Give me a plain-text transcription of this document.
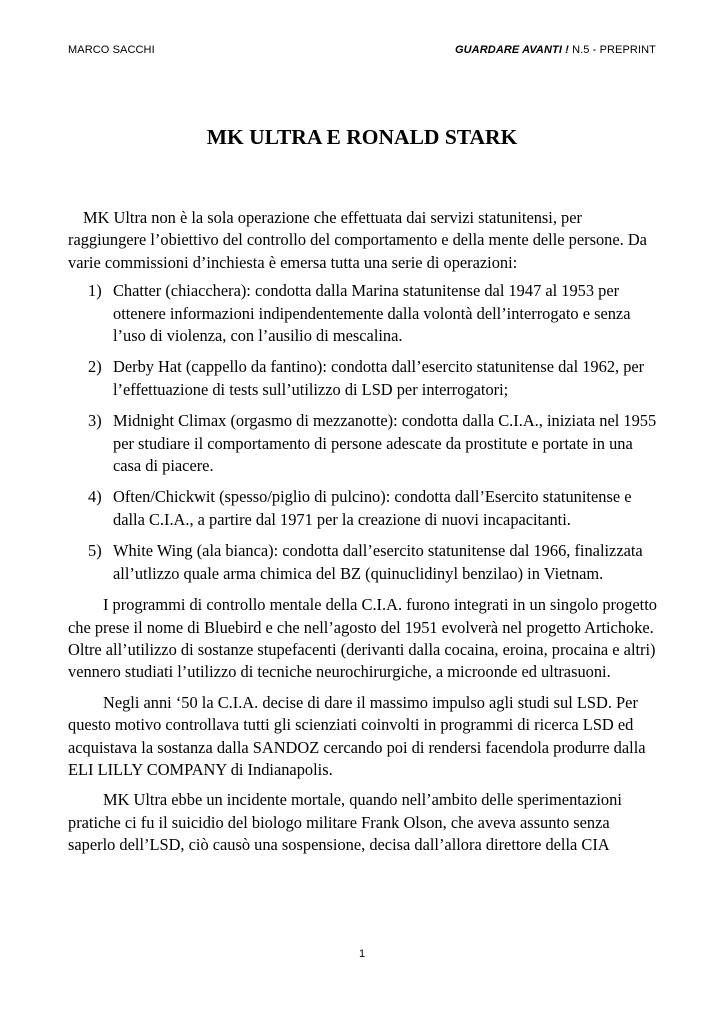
MARCO SACCHI	GUARDARE AVANTI ! N.5 - PREPRINT
MK ULTRA E RONALD STARK

MK Ultra non è la sola operazione che effettuata dai servizi statunitensi, per raggiungere l’obiettivo del controllo del comportamento e della mente delle persone. Da varie commissioni d’inchiesta è emersa tutta una serie di operazioni:

1) Chatter (chiacchera): condotta dalla Marina statunitense dal 1947 al 1953 per ottenere informazioni indipendentemente dalla volontà dell’interrogato e senza l’uso di violenza, con l’ausilio di mescalina.
2) Derby Hat (cappello da fantino): condotta dall’esercito statunitense dal 1962, per l’effettuazione di tests sull’utilizzo di LSD per interrogatori;
3) Midnight Climax (orgasmo di mezzanotte): condotta dalla C.I.A., iniziata nel 1955 per studiare il comportamento di persone adescate da prostitute e portate in una casa di piacere.
4) Often/Chickwit (spesso/piglio di pulcino): condotta dall’Esercito statunitense e dalla C.I.A., a partire dal 1971 per la creazione di nuovi incapacitanti.
5) White Wing (ala bianca): condotta dall’esercito statunitense dal 1966, finalizzata all’utlizzo quale arma chimica del BZ (quinuclidinyl benzilao) in Vietnam.

I programmi di controllo mentale della C.I.A. furono integrati in un singolo progetto che prese il nome di Bluebird e che nell’agosto del 1951 evolverà nel progetto Artichoke. Oltre all’utilizzo di sostanze stupefacenti (derivanti dalla cocaina, eroina, procaina e altri) vennero studiati l’utilizzo di tecniche neurochirurgiche, a microonde ed ultrasuoni.

Negli anni ‘50 la C.I.A. decise di dare il massimo impulso agli studi sul LSD. Per questo motivo controllava tutti gli scienziati coinvolti in programmi di ricerca LSD ed acquistava la sostanza dalla SANDOZ cercando poi di rendersi facendola produrre dalla ELI LILLY COMPANY di Indianapolis.

MK Ultra ebbe un incidente mortale, quando nell’ambito delle sperimentazioni pratiche ci fu il suicidio del biologo militare Frank Olson, che aveva assunto senza saperlo dell’LSD, ciò causò una sospensione, decisa dall’allora direttore della CIA

1
